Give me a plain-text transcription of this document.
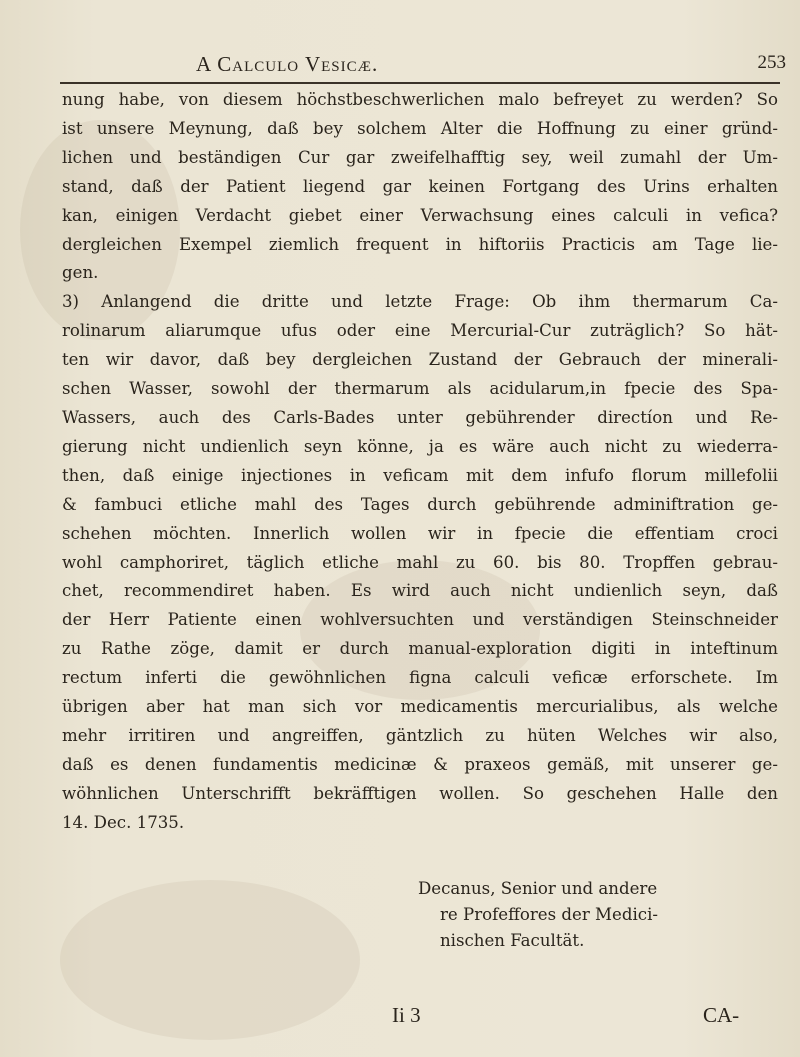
A Calculo Vesicæ.	253
nung habe, von diesem höchstbeschwerlichen malo befreyet zu werden? So
ist unsere Meynung, daß bey solchem Alter die Hoffnung zu einer gründ-
lichen und beständigen Cur gar zweifelhafftig sey, weil zumahl der Um-
stand, daß der Patient liegend gar keinen Fortgang des Urins erhalten
kan, einigen Verdacht giebet einer Verwachsung eines calculi in vefica?
dergleichen Exempel ziemlich frequent in hiftoriis Practicis am Tage lie-
gen.
3) Anlangend die dritte und letzte Frage: Ob ihm thermarum Ca-
rolinarum aliarumque ufus oder eine Mercurial-Cur zuträglich? So hät-
ten wir davor, daß bey dergleichen Zustand der Gebrauch der minerali-
schen Wasser, sowohl der thermarum als acidularum,in fpecie des Spa-
Wassers, auch des Carls-Bades unter gebührender directíon und Re-
gierung nicht undienlich seyn könne, ja es wäre auch nicht zu wiederra-
then, daß einige injectiones in veficam mit dem infufo florum millefolii
& fambuci etliche mahl des Tages durch gebührende adminiftration ge-
schehen möchten. Innerlich wollen wir in fpecie die effentiam croci
wohl camphoriret, täglich etliche mahl zu 60. bis 80. Tropffen gebrau-
chet, recommendiret haben. Es wird auch nicht undienlich seyn, daß
der Herr Patiente einen wohlversuchten und verständigen Steinschneider
zu Rathe zöge, damit er durch manual-exploration digiti in inteftinum
rectum inferti die gewöhnlichen figna calculi veficæ erforschete. Im
übrigen aber hat man sich vor medicamentis mercurialibus, als welche
mehr irritiren und angreiffen, gäntzlich zu hüten Welches wir also,
daß es denen fundamentis medicinæ & praxeos gemäß, mit unserer ge-
wöhnlichen Unterschrifft bekräfftigen wollen. So geschehen Halle den
14. Dec. 1735.
Decanus, Senior und andere
re Profeffores der Medici-
nischen Facultät.
Ii 3	CA-
